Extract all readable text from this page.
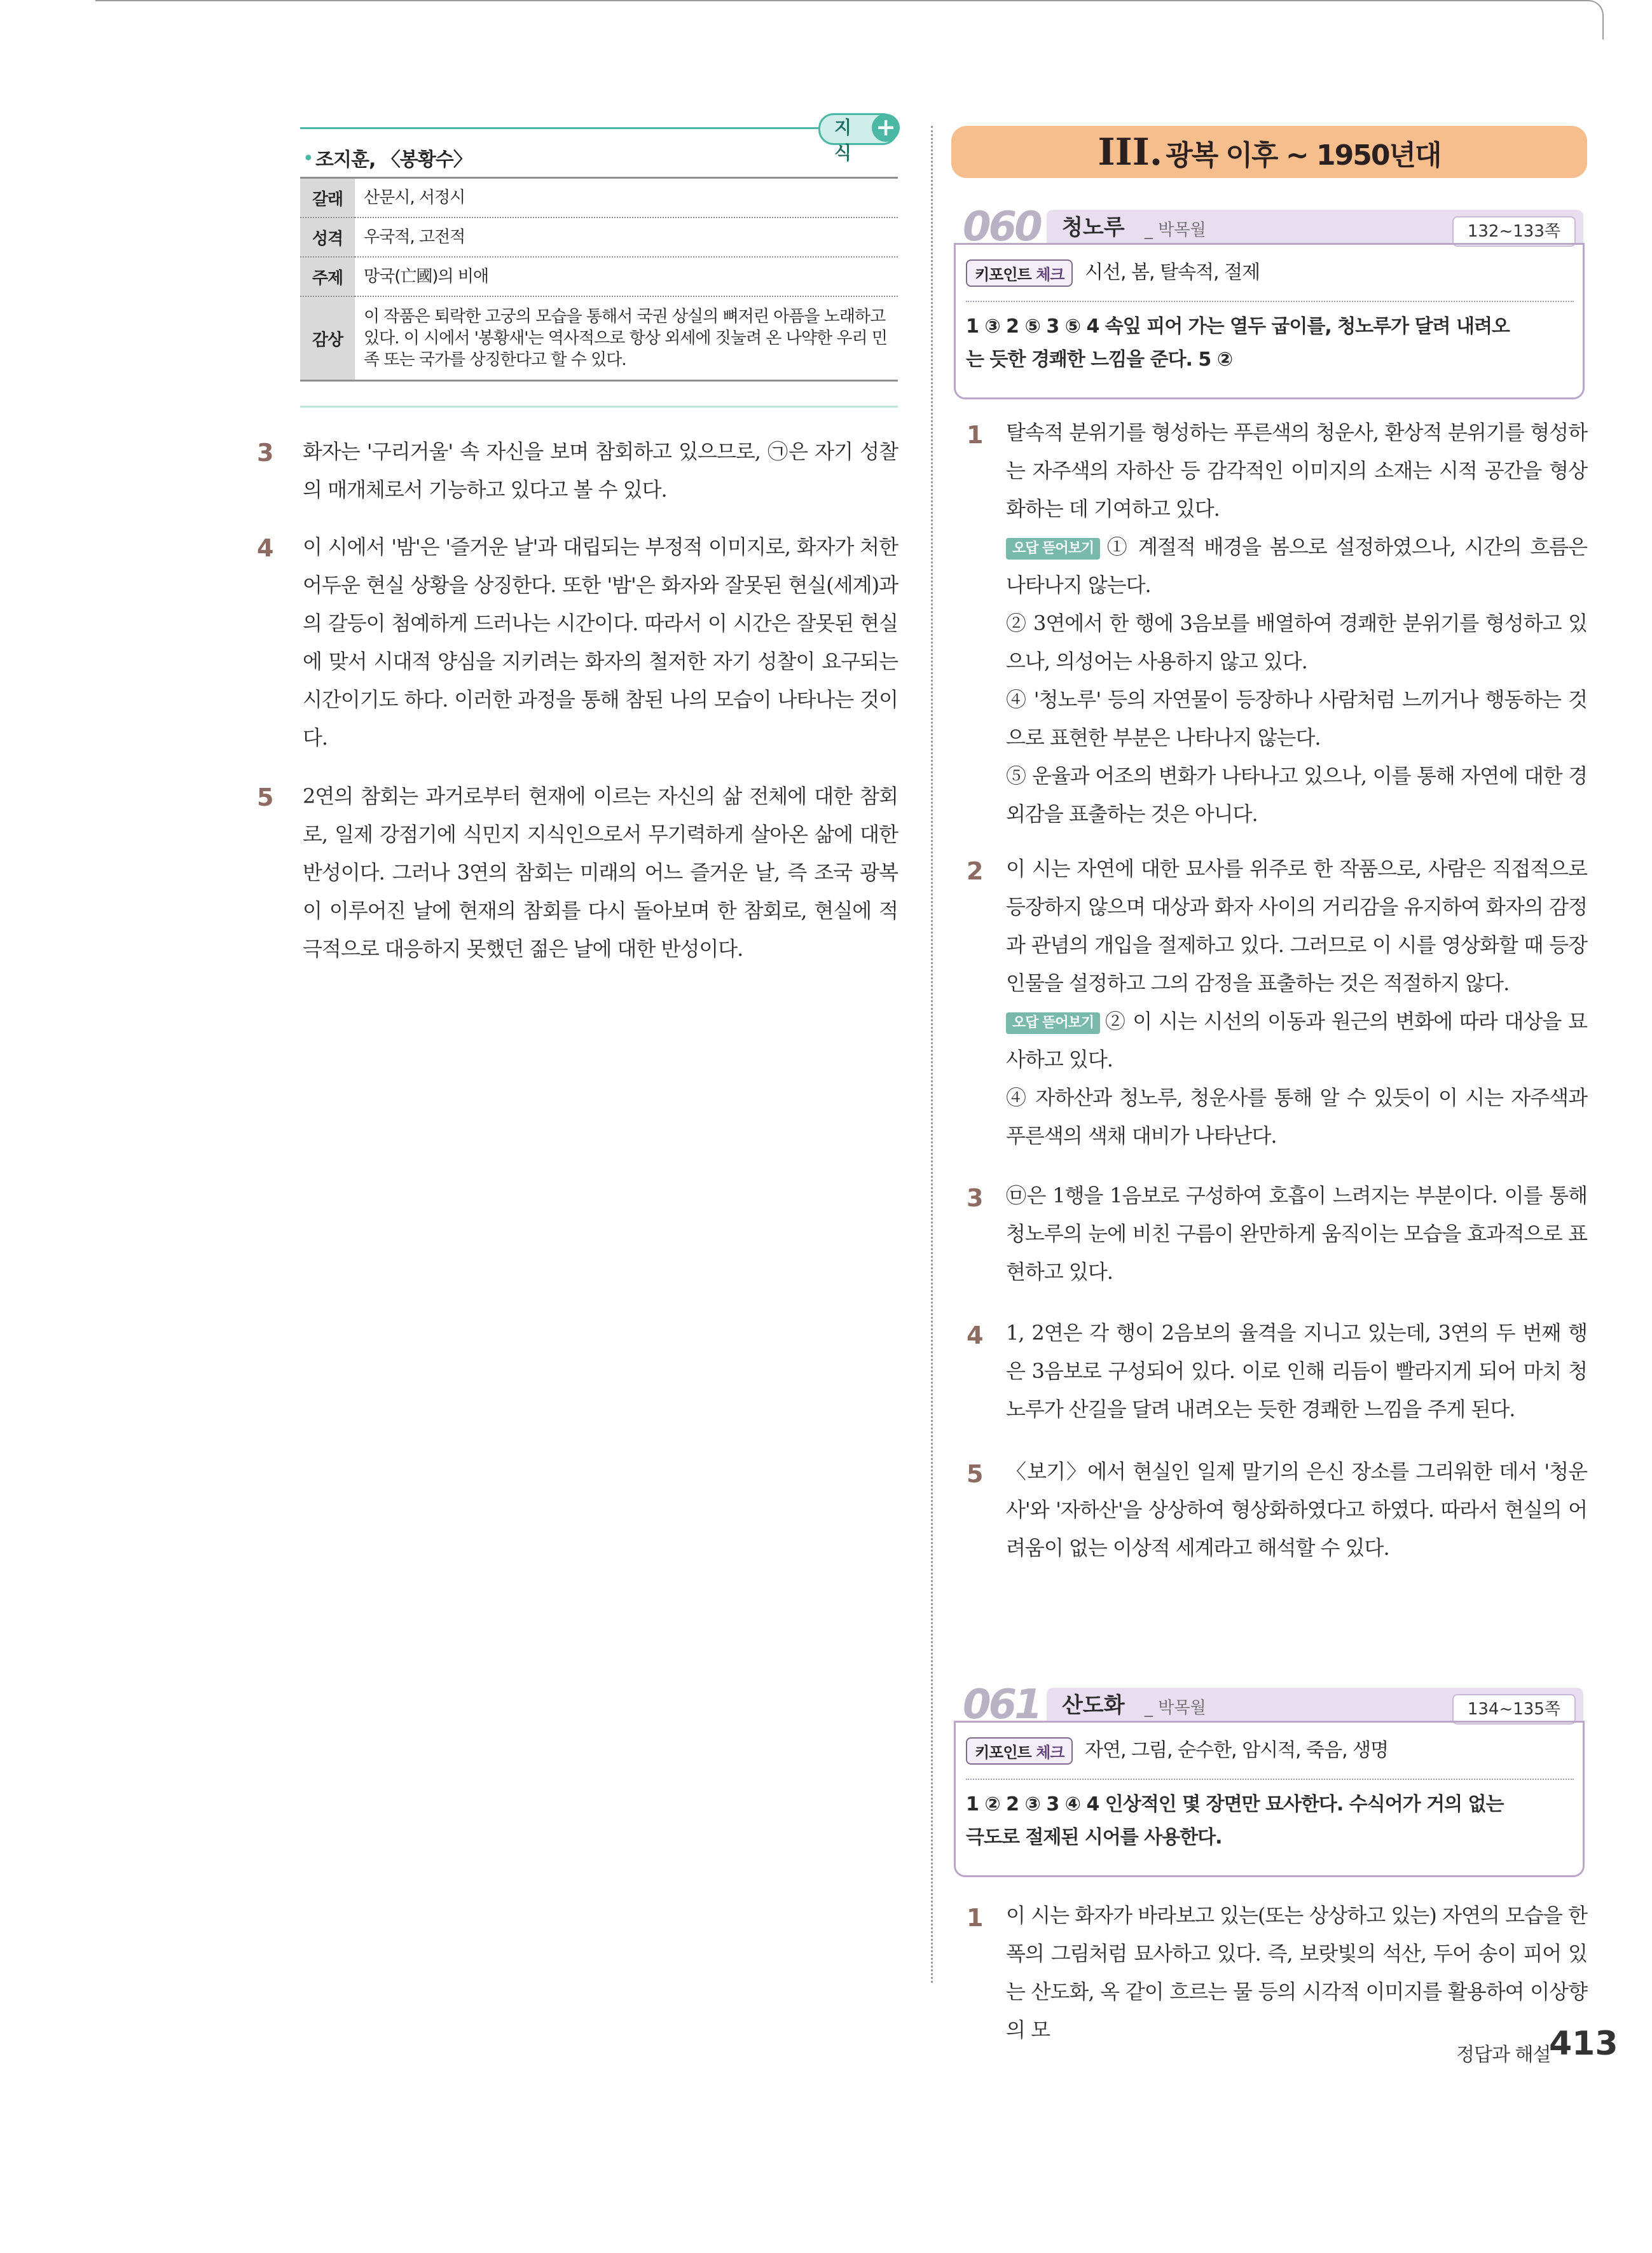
지식
+
• 조지훈, 〈봉황수〉
갈래	산문시, 서정시
성격	우국적, 고전적
주제	망국(亡國)의 비애
감상	이 작품은 퇴락한 고궁의 모습을 통해서 국권 상실의 뼈저린 아픔을 노래하고 있다. 이 시에서 '봉황새'는 역사적으로 항상 외세에 짓눌려 온 나약한 우리 민족 또는 국가를 상징한다고 할 수 있다.
3 화자는 '구리거울' 속 자신을 보며 참회하고 있으므로, ㉠은 자기 성찰의 매개체로서 기능하고 있다고 볼 수 있다.
4 이 시에서 '밤'은 '즐거운 날'과 대립되는 부정적 이미지로, 화자가 처한 어두운 현실 상황을 상징한다. 또한 '밤'은 화자와 잘못된 현실(세계)과의 갈등이 첨예하게 드러나는 시간이다. 따라서 이 시간은 잘못된 현실에 맞서 시대적 양심을 지키려는 화자의 철저한 자기 성찰이 요구되는 시간이기도 하다. 이러한 과정을 통해 참된 나의 모습이 나타나는 것이다.
5 2연의 참회는 과거로부터 현재에 이르는 자신의 삶 전체에 대한 참회로, 일제 강점기에 식민지 지식인으로서 무기력하게 살아온 삶에 대한 반성이다. 그러나 3연의 참회는 미래의 어느 즐거운 날, 즉 조국 광복이 이루어진 날에 현재의 참회를 다시 돌아보며 한 참회로, 현실에 적극적으로 대응하지 못했던 젊은 날에 대한 반성이다.
III. 광복 이후 ~ 1950년대
060 청노루 _ 박목월	132~133쪽
키포인트 체크 시선, 봄, 탈속적, 절제
1 ③ 2 ⑤ 3 ⑤ 4 속잎 피어 가는 열두 굽이를, 청노루가 달려 내려오
는 듯한 경쾌한 느낌을 준다. 5 ②
1 탈속적 분위기를 형성하는 푸른색의 청운사, 환상적 분위기를 형성하는 자주색의 자하산 등 감각적인 이미지의 소재는 시적 공간을 형상화하는 데 기여하고 있다.
오답 뜯어보기 ① 계절적 배경을 봄으로 설정하였으나, 시간의 흐름은 나타나지 않는다.
② 3연에서 한 행에 3음보를 배열하여 경쾌한 분위기를 형성하고 있으나, 의성어는 사용하지 않고 있다.
④ '청노루' 등의 자연물이 등장하나 사람처럼 느끼거나 행동하는 것으로 표현한 부분은 나타나지 않는다.
⑤ 운율과 어조의 변화가 나타나고 있으나, 이를 통해 자연에 대한 경외감을 표출하는 것은 아니다.
2 이 시는 자연에 대한 묘사를 위주로 한 작품으로, 사람은 직접적으로 등장하지 않으며 대상과 화자 사이의 거리감을 유지하여 화자의 감정과 관념의 개입을 절제하고 있다. 그러므로 이 시를 영상화할 때 등장인물을 설정하고 그의 감정을 표출하는 것은 적절하지 않다.
오답 뜯어보기 ② 이 시는 시선의 이동과 원근의 변화에 따라 대상을 묘사하고 있다.
④ 자하산과 청노루, 청운사를 통해 알 수 있듯이 이 시는 자주색과 푸른색의 색채 대비가 나타난다.
3 ㉤은 1행을 1음보로 구성하여 호흡이 느려지는 부분이다. 이를 통해 청노루의 눈에 비친 구름이 완만하게 움직이는 모습을 효과적으로 표현하고 있다.
4 1, 2연은 각 행이 2음보의 율격을 지니고 있는데, 3연의 두 번째 행은 3음보로 구성되어 있다. 이로 인해 리듬이 빨라지게 되어 마치 청노루가 산길을 달려 내려오는 듯한 경쾌한 느낌을 주게 된다.
5 〈보기〉에서 현실인 일제 말기의 은신 장소를 그리워한 데서 '청운사'와 '자하산'을 상상하여 형상화하였다고 하였다. 따라서 현실의 어려움이 없는 이상적 세계라고 해석할 수 있다.
061 산도화 _ 박목월	134~135쪽
키포인트 체크 자연, 그림, 순수한, 암시적, 죽음, 생명
1 ② 2 ③ 3 ④ 4 인상적인 몇 장면만 묘사한다. 수식어가 거의 없는
극도로 절제된 시어를 사용한다.
1 이 시는 화자가 바라보고 있는(또는 상상하고 있는) 자연의 모습을 한 폭의 그림처럼 묘사하고 있다. 즉, 보랏빛의 석산, 두어 송이 피어 있는 산도화, 옥 같이 흐르는 물 등의 시각적 이미지를 활용하여 이상향의 모
정답과 해설
413
